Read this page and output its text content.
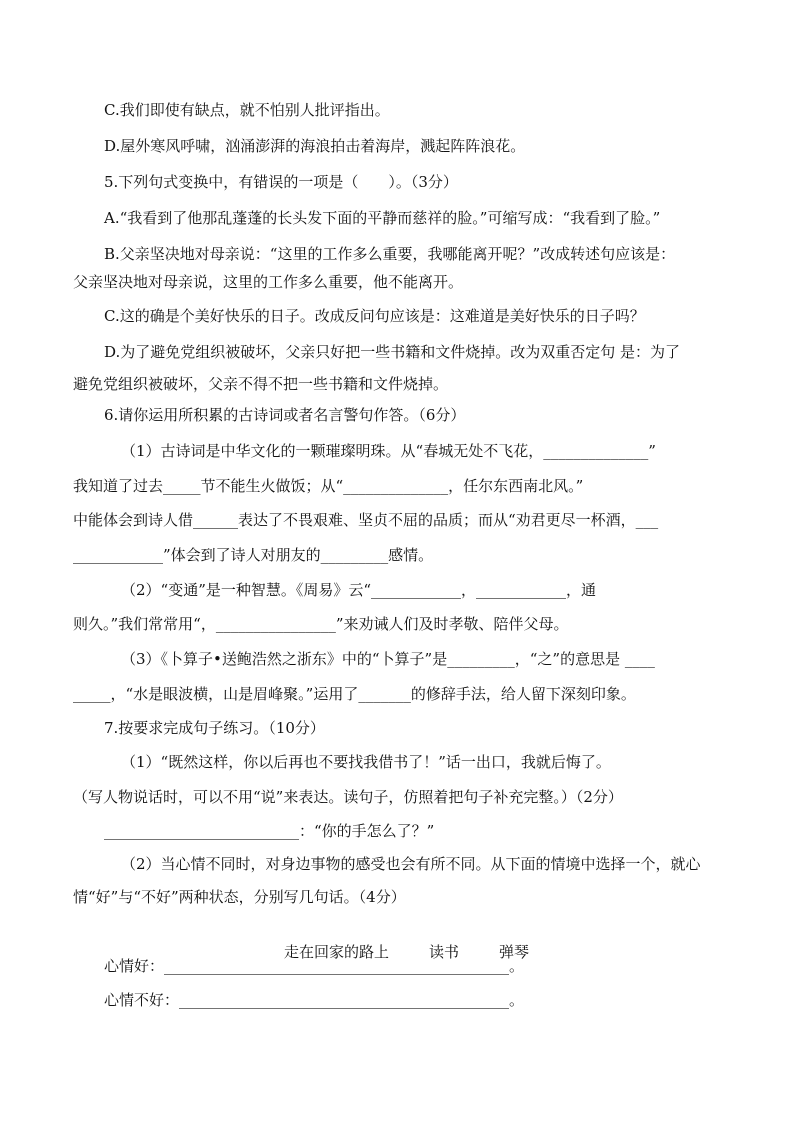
C.我们即使有缺点，就不怕别人批评指出。
D.屋外寒风呼啸，汹涌澎湃的海浪拍击着海岸，溅起阵阵浪花。
5.下列句式变换中，有错误的一项是（　　）。（3分）
A.“我看到了他那乱蓬蓬的长头发下面的平静而慈祥的脸。”可缩写成：“我看到了脸。”
B.父亲坚决地对母亲说：“这里的工作多么重要，我哪能离开呢？”改成转述句应该是：
父亲坚决地对母亲说，这里的工作多么重要，他不能离开。
C.这的确是个美好快乐的日子。改成反问句应该是：这难道是美好快乐的日子吗？
D.为了避免党组织被破坏，父亲只好把一些书籍和文件烧掉。改为双重否定句 是：为了
避免党组织被破坏，父亲不得不把一些书籍和文件烧掉。
6.请你运用所积累的古诗词或者名言警句作答。（6分）
（1）古诗词是中华文化的一颗璀璨明珠。从“春城无处不飞花，______________”
我知道了过去_____节不能生火做饭；从“______________，任尔东西南北风。”
中能体会到诗人借______表达了不畏艰难、坚贞不屈的品质；而从“劝君更尽一杯酒，___
____________”体会到了诗人对朋友的_________感情。
（2）“变通”是一种智慧。《周易》云“____________，____________，通
则久。”我们常常用“，________________”来劝诫人们及时孝敬、陪伴父母。
（3）《卜算子•送鲍浩然之浙东》中的“卜算子”是_________，“之”的意思是 ____
_____，“水是眼波横，山是眉峰聚。”运用了_______的修辞手法，给人留下深刻印象。
7.按要求完成句子练习。（10分）
（1）“既然这样，你以后再也不要找我借书了！”话一出口，我就后悔了。
（写人物说话时，可以不用“说”来表达。读句子，仿照着把句子补充完整。）（2分）
__________________________：“你的手怎么了？”
（2）当心情不同时，对身边事物的感受也会有所不同。从下面的情境中选择一个，就心
情“好”与“不好”两种状态，分别写几句话。（4分）

走在回家的路上	读书	弹琴

心情好：______________________________________________。
心情不好：____________________________________________。
